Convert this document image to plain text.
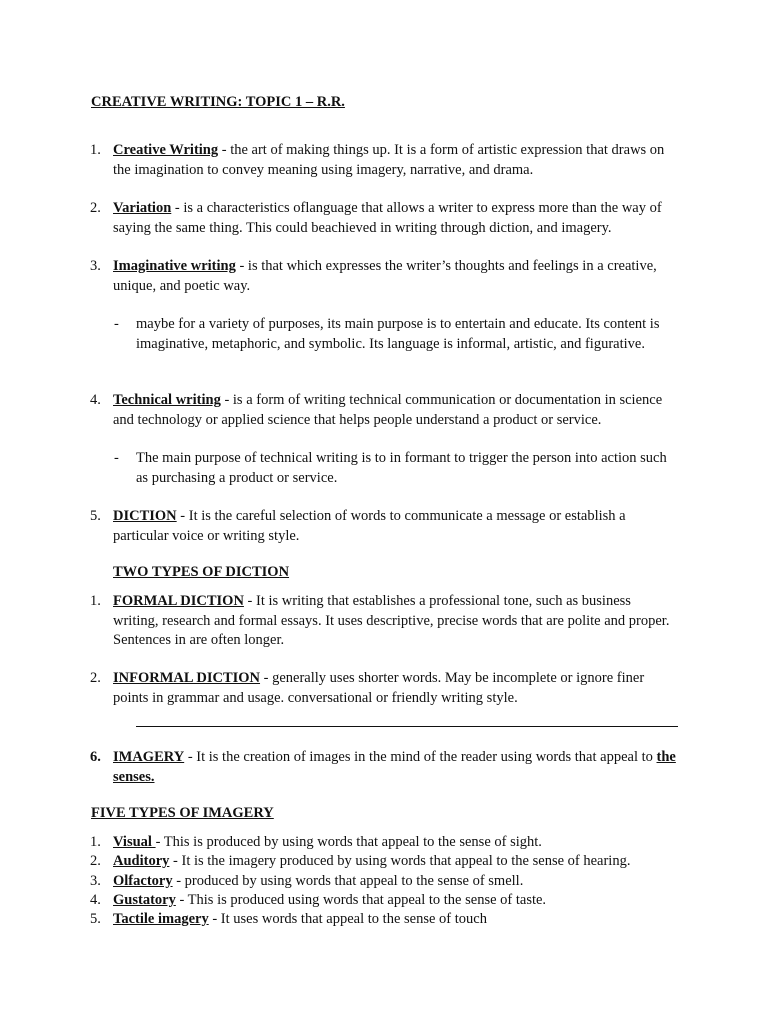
CREATIVE WRITING: TOPIC 1 – R.R.
1. Creative Writing - the art of making things up. It is a form of artistic expression that draws on the imagination to convey meaning using imagery, narrative, and drama.
2. Variation - is a characteristics oflanguage that allows a writer to express more than the way of saying the same thing. This could beachieved in writing through diction, and imagery.
3. Imaginative writing - is that which expresses the writer’s thoughts and feelings in a creative, unique, and poetic way.
- maybe for a variety of purposes, its main purpose is to entertain and educate. Its content is imaginative, metaphoric, and symbolic. Its language is informal, artistic, and figurative.
4. Technical writing - is a form of writing technical communication or documentation in science and technology or applied science that helps people understand a product or service.
- The main purpose of technical writing is to in formant to trigger the person into action such as purchasing a product or service.
5. DICTION - It is the careful selection of words to communicate a message or establish a particular voice or writing style.
TWO TYPES OF DICTION
1. FORMAL DICTION - It is writing that establishes a professional tone, such as business writing, research and formal essays. It uses descriptive, precise words that are polite and proper. Sentences in are often longer.
2. INFORMAL DICTION - generally uses shorter words. May be incomplete or ignore finer points in grammar and usage. conversational or friendly writing style.
6. IMAGERY - It is the creation of images in the mind of the reader using words that appeal to the senses.
FIVE TYPES OF IMAGERY
1. Visual - This is produced by using words that appeal to the sense of sight.
2. Auditory - It is the imagery produced by using words that appeal to the sense of hearing.
3. Olfactory - produced by using words that appeal to the sense of smell.
4. Gustatory - This is produced using words that appeal to the sense of taste.
5. Tactile imagery - It uses words that appeal to the sense of touch
